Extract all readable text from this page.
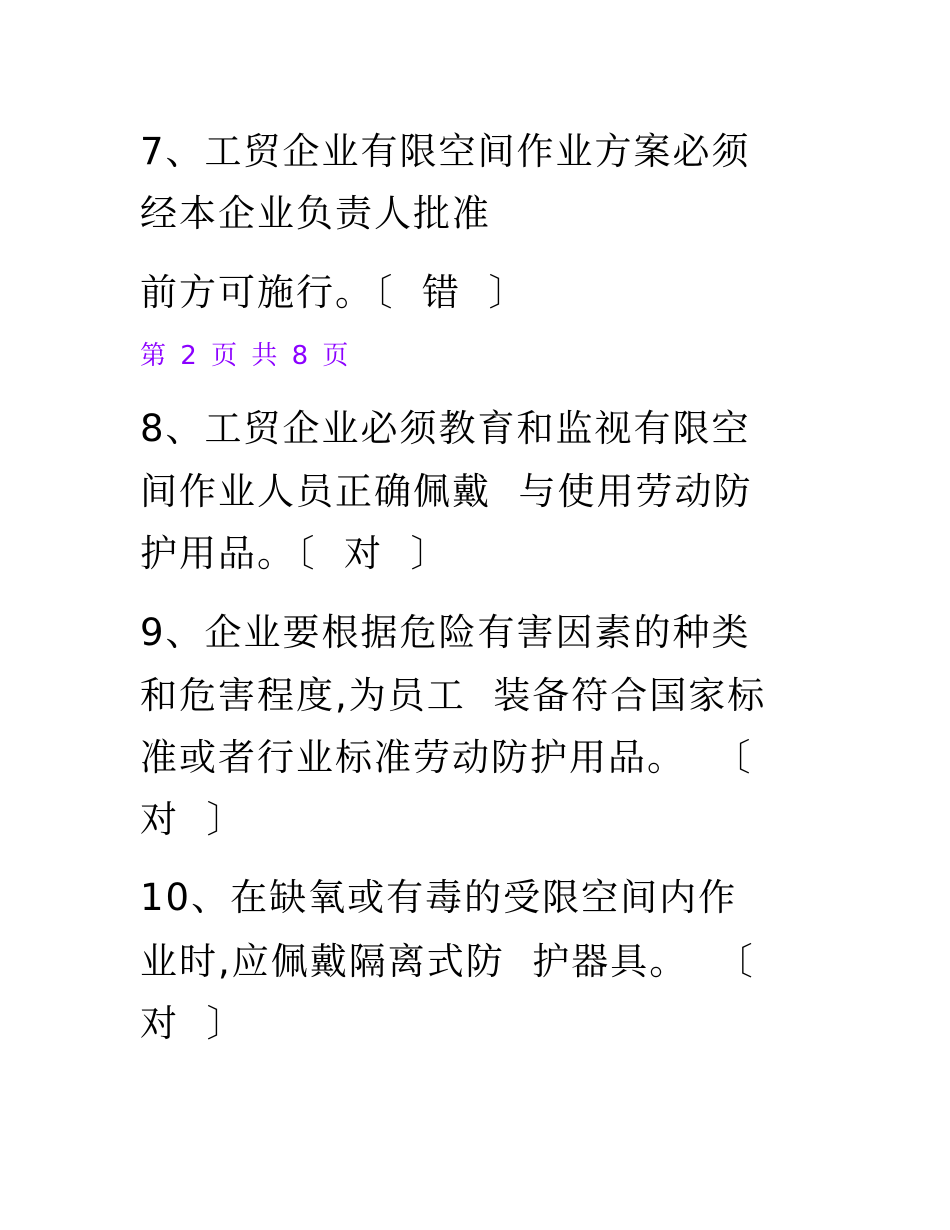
7、工贸企业有限空间作业方案必须
经本企业负责人批准
前方可施行。〔  错  〕
第 2 页 共 8 页
8、工贸企业必须教育和监视有限空
间作业人员正确佩戴  与使用劳动防
护用品。〔  对  〕
9、企业要根据危险有害因素的种类
和危害程度,为员工  装备符合国家标
准或者行业标准劳动防护用品。  〔
对  〕
10、在缺氧或有毒的受限空间内作
业时,应佩戴隔离式防  护器具。  〔
对  〕
